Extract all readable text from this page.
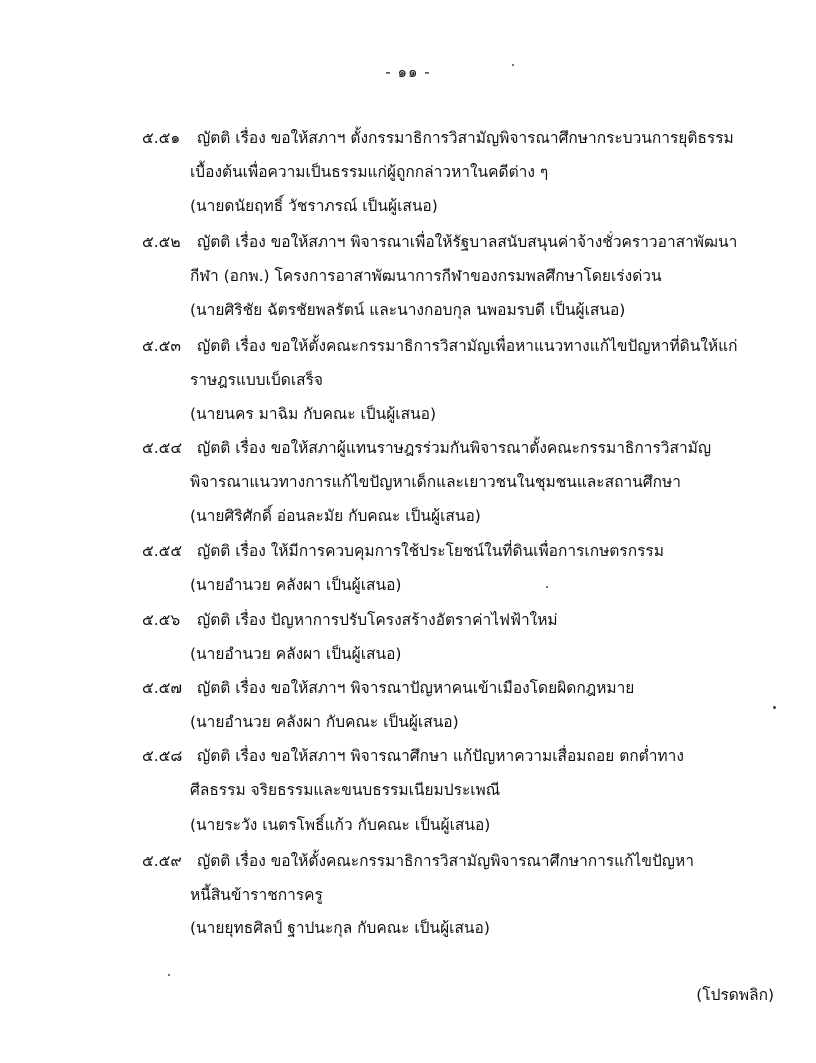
- ๑๑ -
๕.๕๑ ญัตติ เรื่อง ขอให้สภาฯ ตั้งกรรมาธิการวิสามัญพิจารณาศึกษากระบวนการยุติธรรม
เบื้องต้นเพื่อความเป็นธรรมแก่ผู้ถูกกล่าวหาในคดีต่าง ๆ
(นายดนัยฤทธิ์ วัชราภรณ์ เป็นผู้เสนอ)
๕.๕๒ ญัตติ เรื่อง ขอให้สภาฯ พิจารณาเพื่อให้รัฐบาลสนับสนุนค่าจ้างชั่วคราวอาสาพัฒนา
กีฬา (อกพ.) โครงการอาสาพัฒนาการกีฬาของกรมพลศึกษาโดยเร่งด่วน
(นายศิริชัย ฉัตรชัยพลรัตน์ และนางกอบกุล นพอมรบดี เป็นผู้เสนอ)
๕.๕๓ ญัตติ เรื่อง ขอให้ตั้งคณะกรรมาธิการวิสามัญเพื่อหาแนวทางแก้ไขปัญหาที่ดินให้แก่
ราษฎรแบบเบ็ดเสร็จ
(นายนคร มาฉิม กับคณะ เป็นผู้เสนอ)
๕.๕๔ ญัตติ เรื่อง ขอให้สภาผู้แทนราษฎรร่วมกันพิจารณาตั้งคณะกรรมาธิการวิสามัญ
พิจารณาแนวทางการแก้ไขปัญหาเด็กและเยาวชนในชุมชนและสถานศึกษา
(นายศิริศักดิ์ อ่อนละมัย กับคณะ เป็นผู้เสนอ)
๕.๕๕ ญัตติ เรื่อง ให้มีการควบคุมการใช้ประโยชน์ในที่ดินเพื่อการเกษตรกรรม
(นายอำนวย คลังผา เป็นผู้เสนอ)
๕.๕๖ ญัตติ เรื่อง ปัญหาการปรับโครงสร้างอัตราค่าไฟฟ้าใหม่
(นายอำนวย คลังผา เป็นผู้เสนอ)
๕.๕๗ ญัตติ เรื่อง ขอให้สภาฯ พิจารณาปัญหาคนเข้าเมืองโดยผิดกฎหมาย
(นายอำนวย คลังผา กับคณะ เป็นผู้เสนอ)
๕.๕๘ ญัตติ เรื่อง ขอให้สภาฯ พิจารณาศึกษา แก้ปัญหาความเสื่อมถอย ตกต่ำทาง
ศีลธรรม จริยธรรมและขนบธรรมเนียมประเพณี
(นายระวัง เนตรโพธิ์แก้ว กับคณะ เป็นผู้เสนอ)
๕.๕๙ ญัตติ เรื่อง ขอให้ตั้งคณะกรรมาธิการวิสามัญพิจารณาศึกษาการแก้ไขปัญหา
หนี้สินข้าราชการครู
(นายยุทธศิลป์ ฐาปนะกุล กับคณะ เป็นผู้เสนอ)
(โปรดพลิก)
